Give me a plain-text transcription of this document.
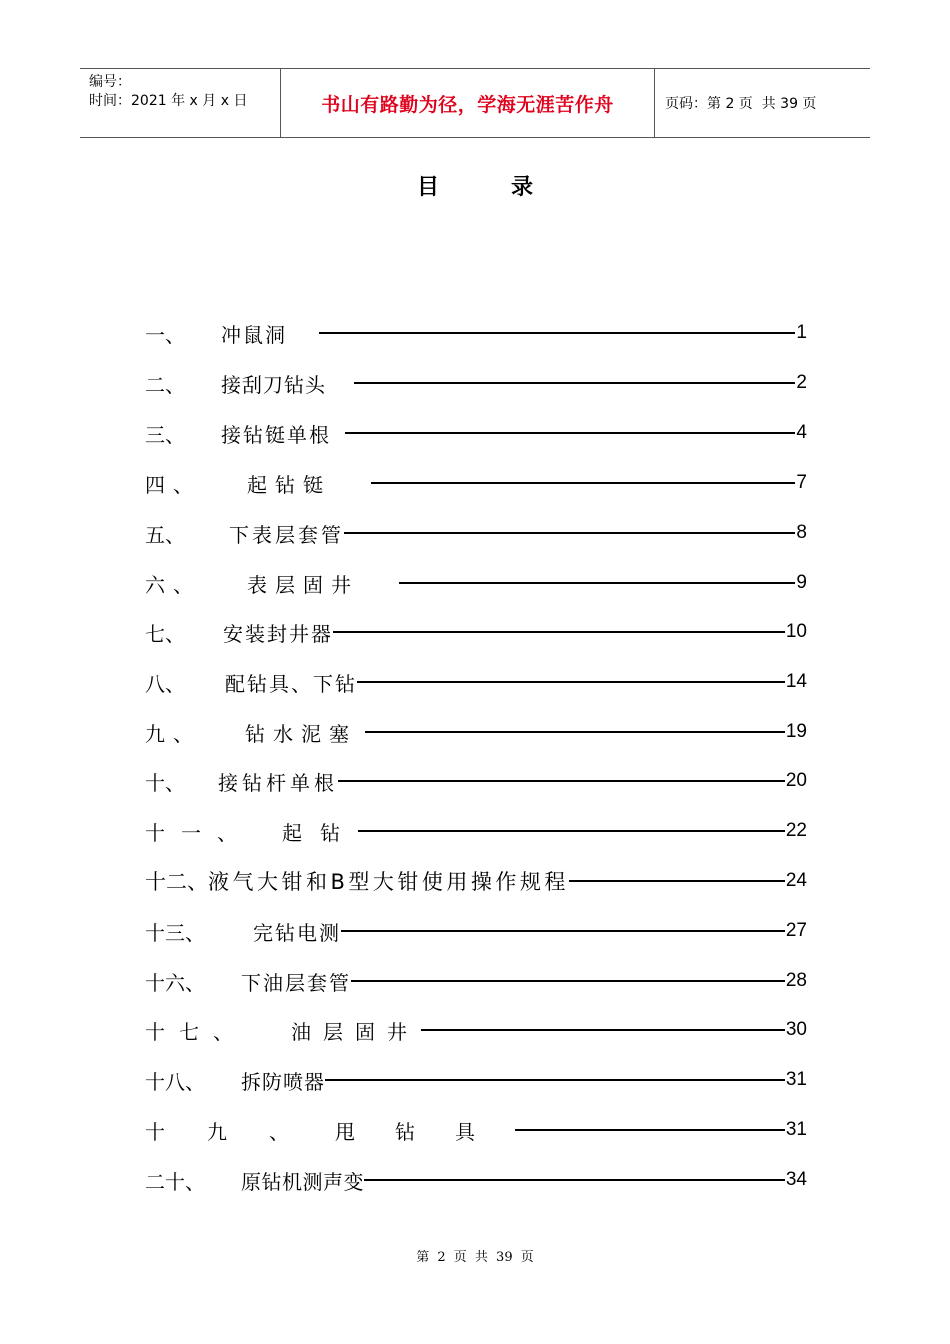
编号：
时间：2021 年 x 月 x 日	书山有路勤为径，学海无涯苦作舟	页码：第 2 页  共 39 页
目录
一、	冲鼠洞	1
二、	接刮刀钻头	2
三、	接钻铤单根	4
四、	起钻铤	7
五、	下表层套管	8
六、	表层固井	9
七、	安装封井器	10
八、	配钻具、下钻	14
九、	钻水泥塞	19
十、	接钻杆单根	20
十一、	起钻	22
十二、 液气大钳和B型大钳使用操作规程	24
十三、	完钻电测	27
十六、	下油层套管	28
十七、	油层固井	30
十八、	拆防喷器	31
十九、 甩钻具	31
二十、	原钻机测声变	34
第 2 页 共 39 页
